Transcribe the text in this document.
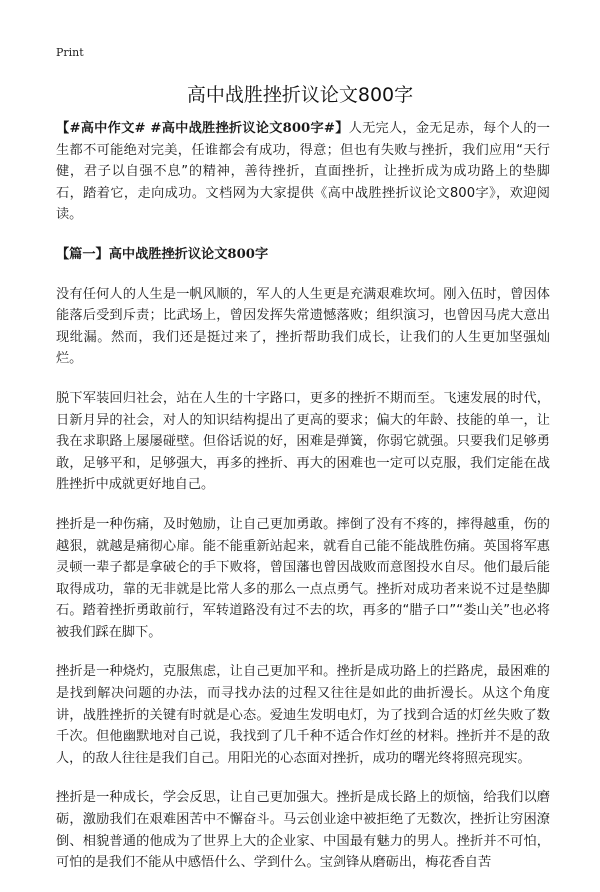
Print
高中战胜挫折议论文800字

【#高中作文# #高中战胜挫折议论文800字#】人无完人，金无足赤，每个人的一生都不可能绝对完美，任谁都会有成功，得意；但也有失败与挫折，我们应用“天行健，君子以自强不息”的精神，善待挫折，直面挫折，让挫折成为成功路上的垫脚石，踏着它，走向成功。文档网为大家提供《高中战胜挫折议论文800字》，欢迎阅读。

【篇一】高中战胜挫折议论文800字

没有任何人的人生是一帆风顺的，军人的人生更是充满艰难坎坷。刚入伍时，曾因体能落后受到斥责；比武场上，曾因发挥失常遗憾落败；组织演习，也曾因马虎大意出现纰漏。然而，我们还是挺过来了，挫折帮助我们成长，让我们的人生更加坚强灿烂。

脱下军装回归社会，站在人生的十字路口，更多的挫折不期而至。飞速发展的时代，日新月异的社会，对人的知识结构提出了更高的要求；偏大的年龄、技能的单一，让我在求职路上屡屡碰壁。但俗话说的好，困难是弹簧，你弱它就强。只要我们足够勇敢，足够平和，足够强大，再多的挫折、再大的困难也一定可以克服，我们定能在战胜挫折中成就更好地自己。

挫折是一种伤痛，及时勉励，让自己更加勇敢。摔倒了没有不疼的，摔得越重，伤的越狠，就越是痛彻心扉。能不能重新站起来，就看自己能不能战胜伤痛。英国将军惠灵顿一辈子都是拿破仑的手下败将，曾国藩也曾因战败而意图投水自尽。他们最后能取得成功，靠的无非就是比常人多的那么一点点勇气。挫折对成功者来说不过是垫脚石。踏着挫折勇敢前行，军转道路没有过不去的坎，再多的“腊子口”“娄山关”也必将被我们踩在脚下。

挫折是一种烧灼，克服焦虑，让自己更加平和。挫折是成功路上的拦路虎，最困难的是找到解决问题的办法，而寻找办法的过程又往往是如此的曲折漫长。从这个角度讲，战胜挫折的关键有时就是心态。爱迪生发明电灯，为了找到合适的灯丝失败了数千次。但他幽默地对自己说，我找到了几千种不适合作灯丝的材料。挫折并不是的敌人，的敌人往往是我们自己。用阳光的心态面对挫折，成功的曙光终将照亮现实。

挫折是一种成长，学会反思，让自己更加强大。挫折是成长路上的烦恼，给我们以磨砺，激励我们在艰难困苦中不懈奋斗。马云创业途中被拒绝了无数次，挫折让穷困潦倒、相貌普通的他成为了世界上大的企业家、中国最有魅力的男人。挫折并不可怕，可怕的是我们不能从中感悟什么、学到什么。宝剑锋从磨砺出，梅花香自苦
